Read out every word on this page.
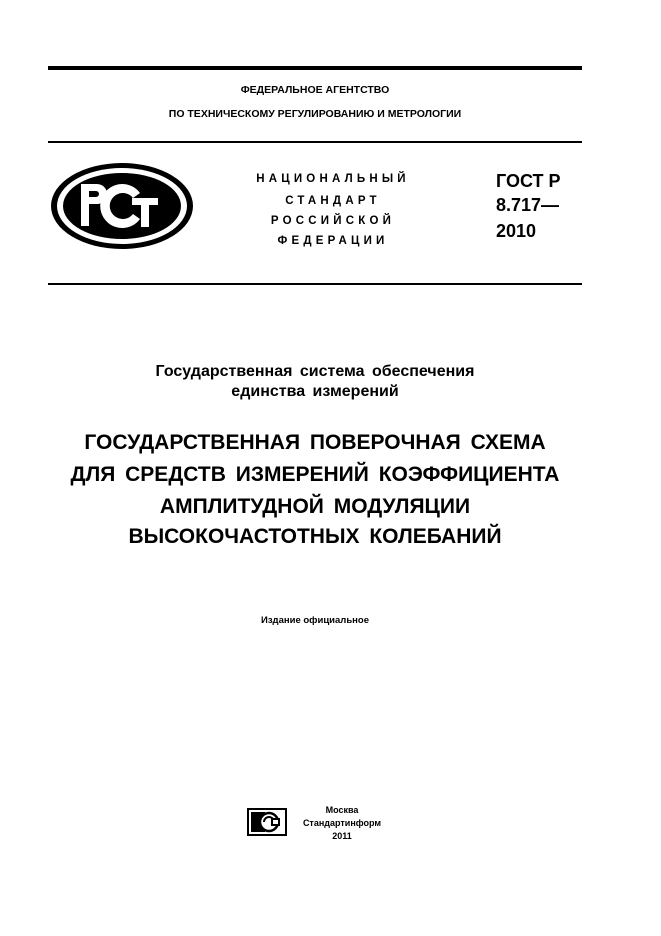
ФЕДЕРАЛЬНОЕ АГЕНТСТВО
ПО ТЕХНИЧЕСКОМУ РЕГУЛИРОВАНИЮ И МЕТРОЛОГИИ
НАЦИОНАЛЬНЫЙ
СТАНДАРТ
РОССИЙСКОЙ
ФЕДЕРАЦИИ
ГОСТ Р
8.717—
2010
Государственная система обеспечения
единства измерений
ГОСУДАРСТВЕННАЯ ПОВЕРОЧНАЯ СХЕМА
ДЛЯ СРЕДСТВ ИЗМЕРЕНИЙ КОЭФФИЦИЕНТА
АМПЛИТУДНОЙ МОДУЛЯЦИИ
ВЫСОКОЧАСТОТНЫХ КОЛЕБАНИЙ
Издание официальное
Москва
Стандартинформ
2011
